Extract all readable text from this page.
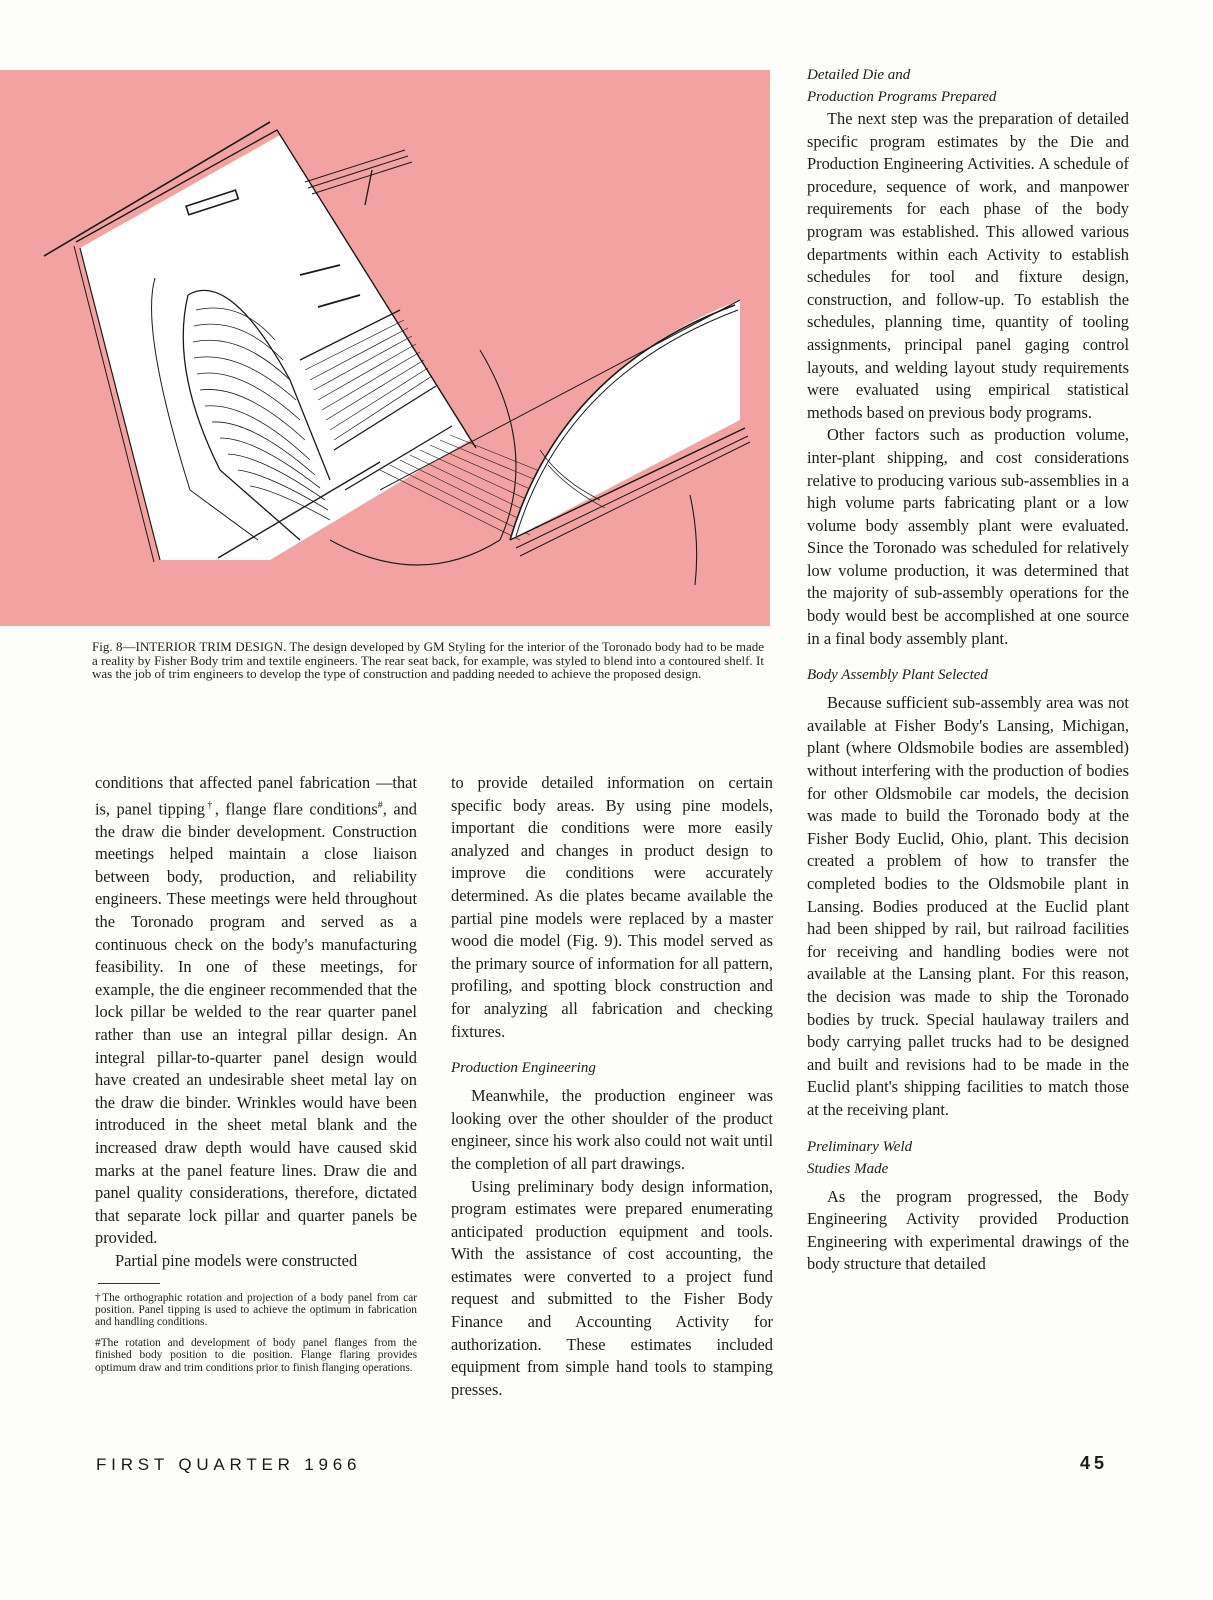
Fig. 8—INTERIOR TRIM DESIGN. The design developed by GM Styling for the interior of the Toronado body had to be made a reality by Fisher Body trim and textile engineers. The rear seat back, for example, was styled to blend into a contoured shelf. It was the job of trim engineers to develop the type of construction and padding needed to achieve the proposed design.

conditions that affected panel fabrication —that is, panel tipping†, flange flare conditions#, and the draw die binder development. Construction meetings helped maintain a close liaison between body, production, and reliability engineers. These meetings were held throughout the Toronado program and served as a continuous check on the body's manufacturing feasibility. In one of these meetings, for example, the die engineer recommended that the lock pillar be welded to the rear quarter panel rather than use an integral pillar design. An integral pillar-to-quarter panel design would have created an undesirable sheet metal lay on the draw die binder. Wrinkles would have been introduced in the sheet metal blank and the increased draw depth would have caused skid marks at the panel feature lines. Draw die and panel quality considerations, therefore, dictated that separate lock pillar and quarter panels be provided.

Partial pine models were constructed

†The orthographic rotation and projection of a body panel from car position. Panel tipping is used to achieve the optimum in fabrication and handling conditions.

#The rotation and development of body panel flanges from the finished body position to die position. Flange flaring provides optimum draw and trim conditions prior to finish flanging operations.

to provide detailed information on certain specific body areas. By using pine models, important die conditions were more easily analyzed and changes in product design to improve die conditions were accurately determined. As die plates became available the partial pine models were replaced by a master wood die model (Fig. 9). This model served as the primary source of information for all pattern, profiling, and spotting block construction and for analyzing all fabrication and checking fixtures.

Production Engineering

Meanwhile, the production engineer was looking over the other shoulder of the product engineer, since his work also could not wait until the completion of all part drawings.

Using preliminary body design information, program estimates were prepared enumerating anticipated production equipment and tools. With the assistance of cost accounting, the estimates were converted to a project fund request and submitted to the Fisher Body Finance and Accounting Activity for authorization. These estimates included equipment from simple hand tools to stamping presses.

Detailed Die and
Production Programs Prepared

The next step was the preparation of detailed specific program estimates by the Die and Production Engineering Activities. A schedule of procedure, sequence of work, and manpower requirements for each phase of the body program was established. This allowed various departments within each Activity to establish schedules for tool and fixture design, construction, and follow-up. To establish the schedules, planning time, quantity of tooling assignments, principal panel gaging control layouts, and welding layout study requirements were evaluated using empirical statistical methods based on previous body programs.

Other factors such as production volume, inter-plant shipping, and cost considerations relative to producing various sub-assemblies in a high volume parts fabricating plant or a low volume body assembly plant were evaluated. Since the Toronado was scheduled for relatively low volume production, it was determined that the majority of sub-assembly operations for the body would best be accomplished at one source in a final body assembly plant.

Body Assembly Plant Selected

Because sufficient sub-assembly area was not available at Fisher Body's Lansing, Michigan, plant (where Oldsmobile bodies are assembled) without interfering with the production of bodies for other Oldsmobile car models, the decision was made to build the Toronado body at the Fisher Body Euclid, Ohio, plant. This decision created a problem of how to transfer the completed bodies to the Oldsmobile plant in Lansing. Bodies produced at the Euclid plant had been shipped by rail, but railroad facilities for receiving and handling bodies were not available at the Lansing plant. For this reason, the decision was made to ship the Toronado bodies by truck. Special haulaway trailers and body carrying pallet trucks had to be designed and built and revisions had to be made in the Euclid plant's shipping facilities to match those at the receiving plant.

Preliminary Weld
Studies Made

As the program progressed, the Body Engineering Activity provided Production Engineering with experimental drawings of the body structure that detailed

FIRST QUARTER 1966	45
